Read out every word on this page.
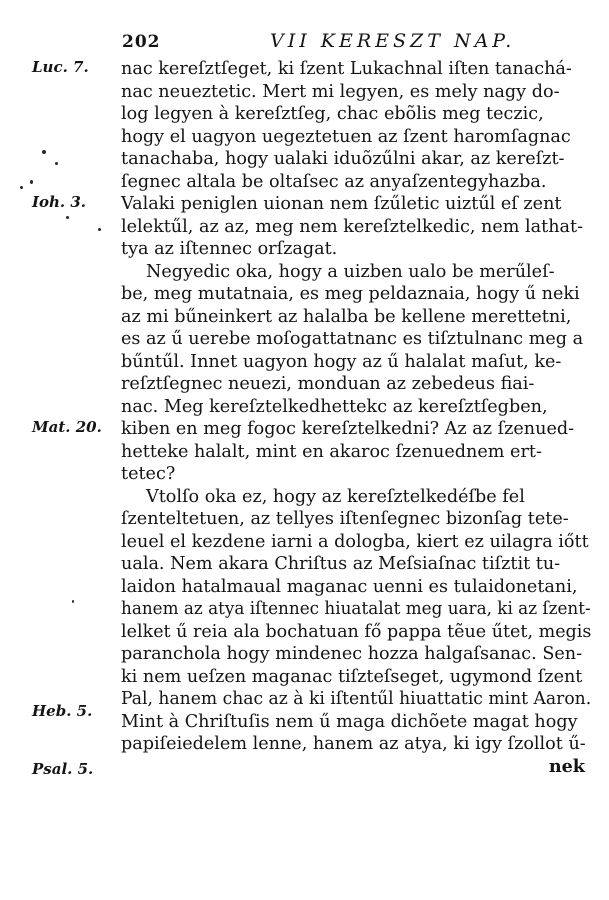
202	VII KERESZT NAP.
Luc. 7.
Ioh. 3.
Mat. 20.
Heb. 5.
Psal. 5.
nac kereſztſeget, ki ſzent Lukachnal iſten tanachá-
nac neueztetic. Mert mi legyen, es mely nagy do-
log legyen à kereſztſeg, chac ebõlis meg teczic,
hogy el uagyon uegeztetuen az ſzent haromſagnac
tanachaba, hogy ualaki iduõzűlni akar, az kereſzt-
ſegnec altala be oltaſsec az anyaſzentegyhazba.
Valaki peniglen uionan nem ſzűletic uiztűl eſ zent
lelektűl, az az, meg nem kereſztelkedic, nem lathat-
tya az iſtennec orſzagat.
Negyedic oka, hogy a uizben ualo be merűleſ-
be, meg mutatnaia, es meg peldaznaia, hogy ű neki
az mi bűneinkert az halalba be kellene merettetni,
es az ű uerebe moſogattatnanc es tiſztulnanc meg a
bűntűl. Innet uagyon hogy az ű halalat maſut, ke-
reſztſegnec neuezi, monduan az zebedeus fiai-
nac. Meg kereſztelkedhettekc az kereſztſegben,
kiben en meg fogoc kereſztelkedni? Az az ſzenued-
hetteke halalt, mint en akaroc ſzenuednem ert-
tetec?
Vtolſo oka ez, hogy az kereſztelkedéſbe fel
ſzenteltetuen, az tellyes iſtenſegnec bizonſag tete-
leuel el kezdene iarni a dologba, kiert ez uilagra iőtt
uala. Nem akara Chriſtus az Meſsiaſnac tiſztit tu-
laidon hatalmaual maganac uenni es tulaidonetani,
hanem az atya iſtennec hiuatalat meg uara, ki az ſzent-
lelket ű reia ala bochatuan fő pappa tẽue űtet, megis
paranchola hogy mindenec hozza halgaſsanac. Sen-
ki nem ueſzen maganac tiſzteſseget, ugymond ſzent
Pal, hanem chac az à ki iſtentűl hiuattatic mint Aaron.
Mint à Chriſtuſis nem ű maga dichõete magat hogy
papiſeiedelem lenne, hanem az atya, ki igy ſzollot ű-
nek
